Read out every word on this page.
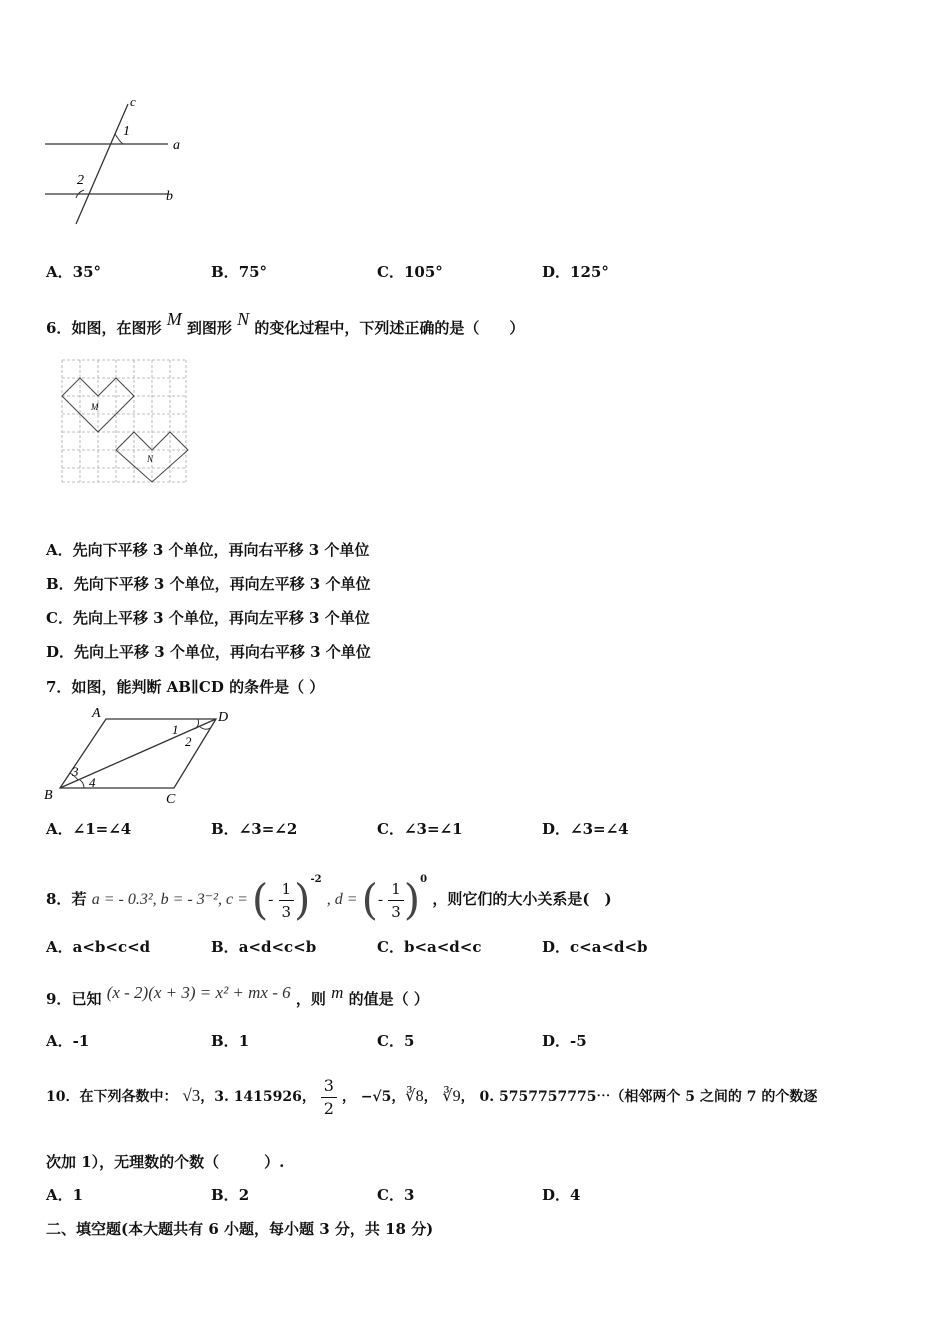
c
a
b
1
2
A．35°	B．75°	C．105°	D．125°
6．如图，在图形 M 到图形 N 的变化过程中，下列述正确的是（　　）
M
N
A．先向下平移 3 个单位，再向右平移 3 个单位
B．先向下平移 3 个单位，再向左平移 3 个单位
C．先向上平移 3 个单位，再向左平移 3 个单位
D．先向上平移 3 个单位，再向右平移 3 个单位
7．如图，能判断 AB∥CD 的条件是（ ）
A	D
B	C
1
2
3
4
A．∠1=∠4	B．∠3=∠2	C．∠3=∠1	D．∠3=∠4
8．若 a = - 0.3², b = - 3⁻², c = (- $\frac{1}{3} )^{-2}$ , d = (- $\frac{1}{3} )^0$ ，则它们的大小关系是(　)
A．a<b<c<d	B．a<d<c<b	C．b<a<d<c	D．c<a<d<b
9．已知 (x - 2)(x + 3) = x² + mx - 6 ，则 m 的值是（ ）
A．-1	B．1	C．5	D．-5
10．在下列各数中： √3，3. 1415926， $\frac{3}{2}$ ， −√5，∛8， ∛9， 0. 5757757775⋯（相邻两个 5 之间的 7 的个数逐
次加 1），无理数的个数（　　　）.
A．1	B．2	C．3	D．4
二、填空题(本大题共有 6 小题，每小题 3 分，共 18 分)
